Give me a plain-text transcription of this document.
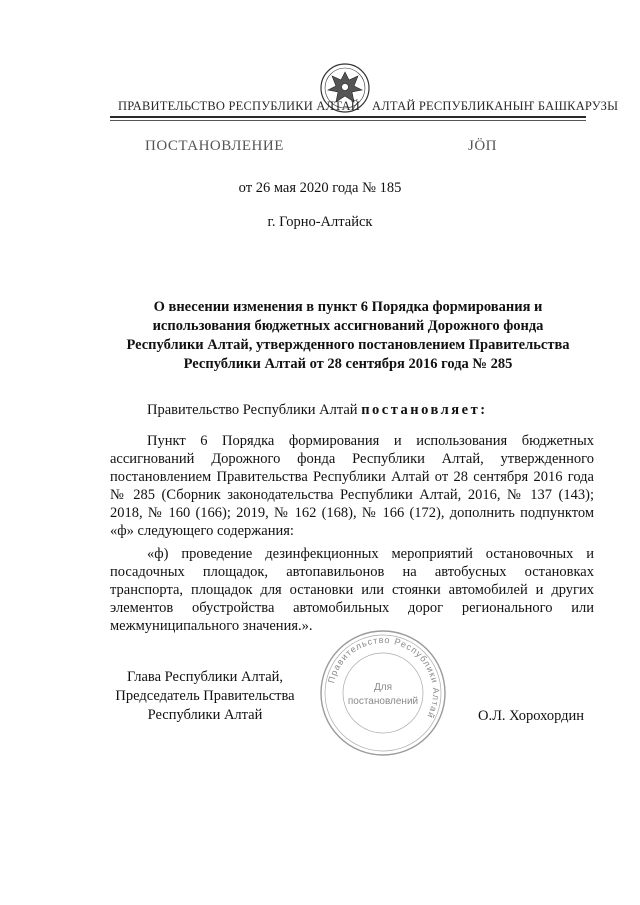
ПРАВИТЕЛЬСТВО РЕСПУБЛИКИ АЛТАЙ АЛТАЙ РЕСПУБЛИКАНЫҤ БАШКАРУЗЫ
ПОСТАНОВЛЕНИЕ	JӦП
от 26 мая 2020 года № 185
г. Горно-Алтайск
О внесении изменения в пункт 6 Порядка формирования и
использования бюджетных ассигнований Дорожного фонда
Республики Алтай, утвержденного постановлением Правительства
Республики Алтай от 28 сентября 2016 года № 285
Правительство Республики Алтай постановляет:
Пункт 6 Порядка формирования и использования бюджетных ассигнований Дорожного фонда Республики Алтай, утвержденного постановлением Правительства Республики Алтай от 28 сентября 2016 года № 285 (Сборник законодательства Республики Алтай, 2016, № 137 (143); 2018, № 160 (166); 2019, № 162 (168), № 166 (172), дополнить подпунктом «ф» следующего содержания:
«ф) проведение дезинфекционных мероприятий остановочных и посадочных площадок, автопавильонов на автобусных остановках транспорта, площадок для остановки или стоянки автомобилей и других элементов обустройства автомобильных дорог регионального или межмуниципального значения.».
Глава Республики Алтай,
Председатель Правительства
Республики Алтай
Правительство Республики Алтай
Для
постановлений
О.Л. Хорохордин
